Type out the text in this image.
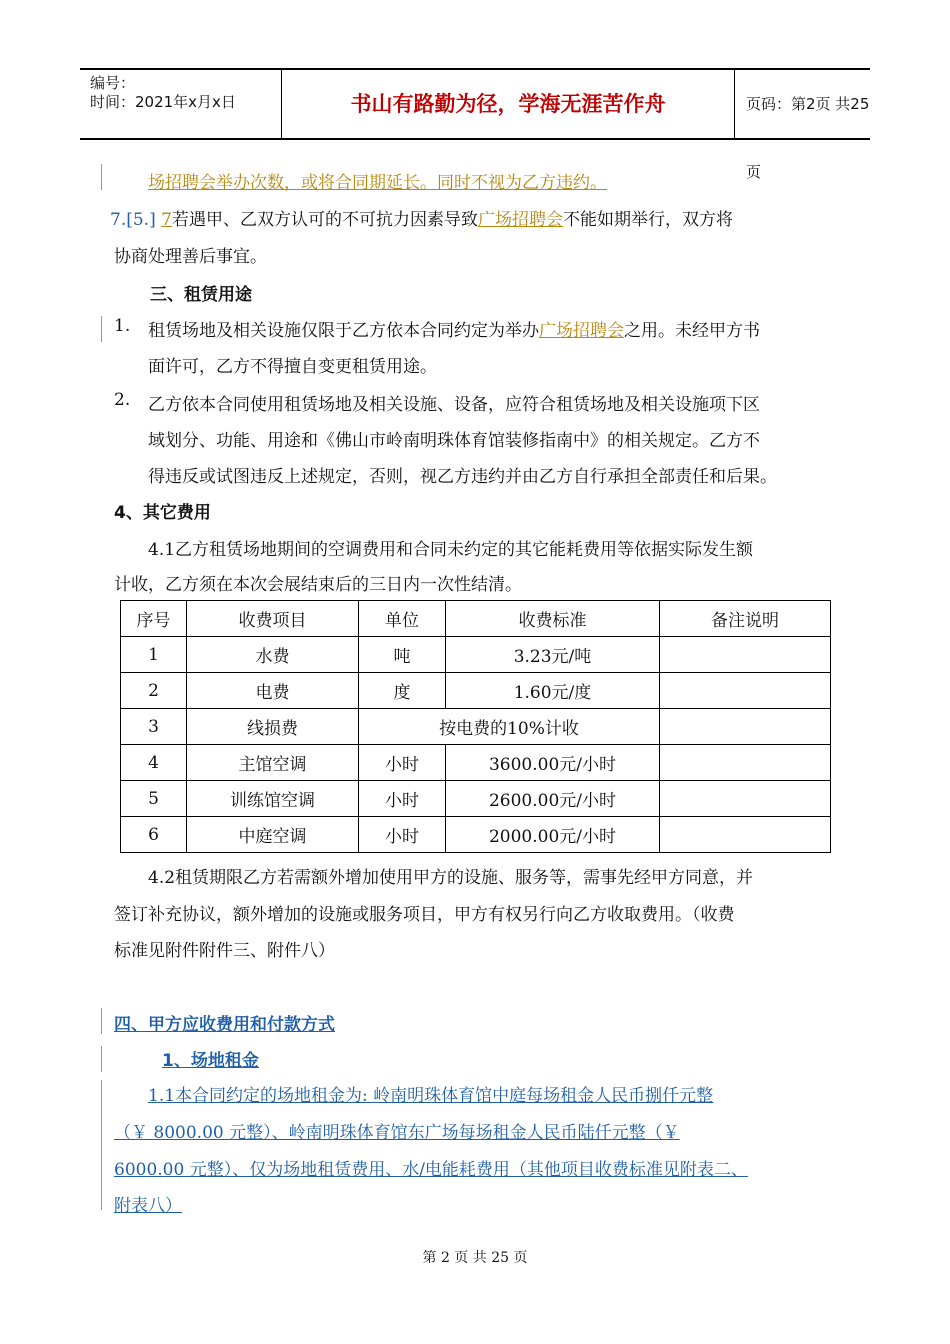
编号：
时间：2021年x月x日	书山有路勤为径，学海无涯苦作舟	页码：第2页 共25页
场招聘会举办次数，或将合同期延长。同时不视为乙方违约。
7.[5.] 7若遇甲、乙双方认可的不可抗力因素导致广场招聘会不能如期举行，双方将
协商处理善后事宜。
三、租赁用途
1. 租赁场地及相关设施仅限于乙方依本合同约定为举办广场招聘会之用。未经甲方书
面许可，乙方不得擅自变更租赁用途。
2. 乙方依本合同使用租赁场地及相关设施、设备，应符合租赁场地及相关设施项下区
域划分、功能、用途和《佛山市岭南明珠体育馆装修指南中》的相关规定。乙方不
得违反或试图违反上述规定，否则，视乙方违约并由乙方自行承担全部责任和后果。
4、其它费用
4.1乙方租赁场地期间的空调费用和合同未约定的其它能耗费用等依据实际发生额
计收，乙方须在本次会展结束后的三日内一次性结清。
序号	收费项目	单位	收费标准	备注说明
1	水费	吨	3.23元/吨	
2	电费	度	1.60元/度	
3	线损费	按电费的10%计收		
4	主馆空调	小时	3600.00元/小时	
5	训练馆空调	小时	2600.00元/小时	
6	中庭空调	小时	2000.00元/小时	
4.2租赁期限乙方若需额外增加使用甲方的设施、服务等，需事先经甲方同意，并
签订补充协议，额外增加的设施或服务项目，甲方有权另行向乙方收取费用。（收费
标准见附件附件三、附件八）
四、甲方应收费用和付款方式
1、场地租金
1.1本合同约定的场地租金为: 岭南明珠体育馆中庭每场租金人民币捌仟元整
（￥ 8000.00 元整）、岭南明珠体育馆东广场每场租金人民币陆仟元整（￥
6000.00 元整）、仅为场地租赁费用、水/电能耗费用（其他项目收费标准见附表二、
附表八）
第 2 页 共 25 页
